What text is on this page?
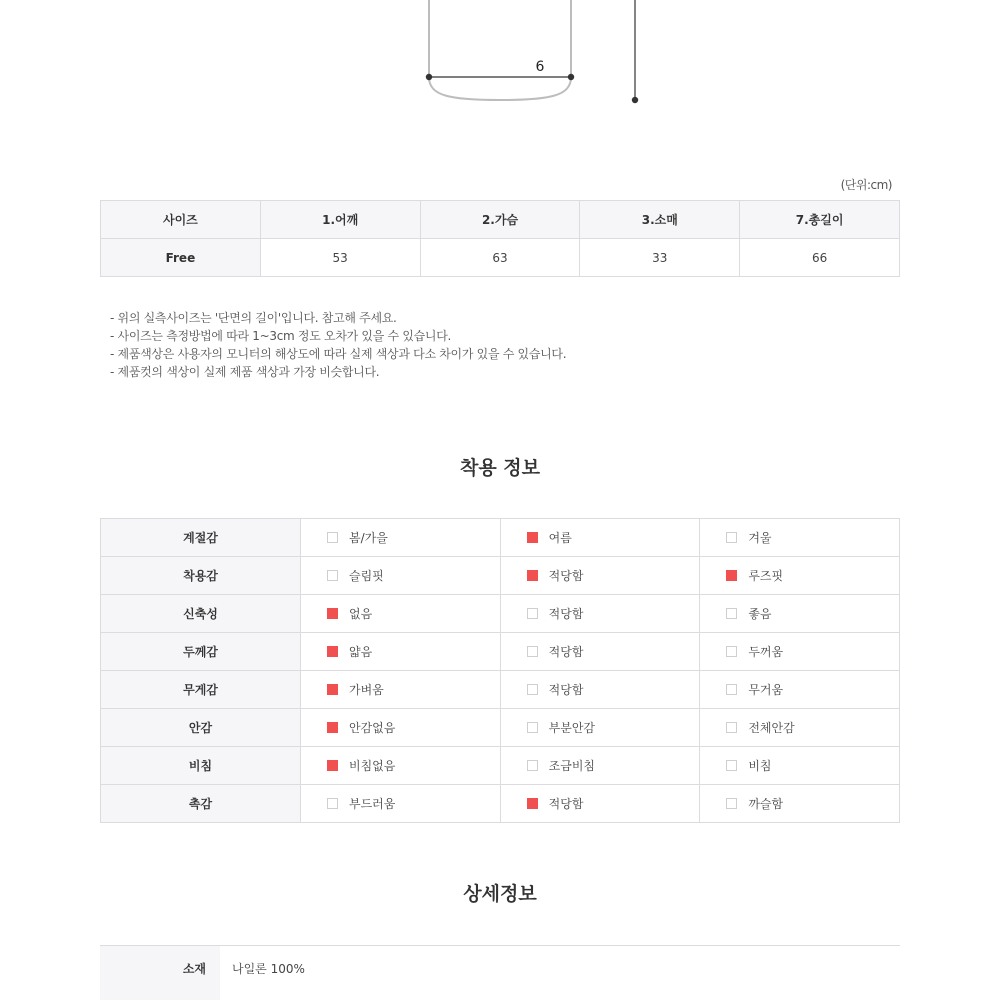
6
(단위:cm)
사이즈	1.어깨	2.가슴	3.소매	7.총길이
Free	53	63	33	66
- 위의 실측사이즈는 '단면의 길이'입니다. 참고해 주세요.
- 사이즈는 측정방법에 따라 1~3cm 정도 오차가 있을 수 있습니다.
- 제품색상은 사용자의 모니터의 해상도에 따라 실제 색상과 다소 차이가 있을 수 있습니다.
- 제품컷의 색상이 실제 제품 색상과 가장 비슷합니다.
착용 정보
계절감	봄/가을	여름	겨울
착용감	슬림핏	적당함	루즈핏
신축성	없음	적당함	좋음
두께감	얇음	적당함	두꺼움
무게감	가벼움	적당함	무거움
안감	안감없음	부분안감	전체안감
비침	비침없음	조금비침	비침
촉감	부드러움	적당함	까슬함
상세정보
소재	나일론 100%
